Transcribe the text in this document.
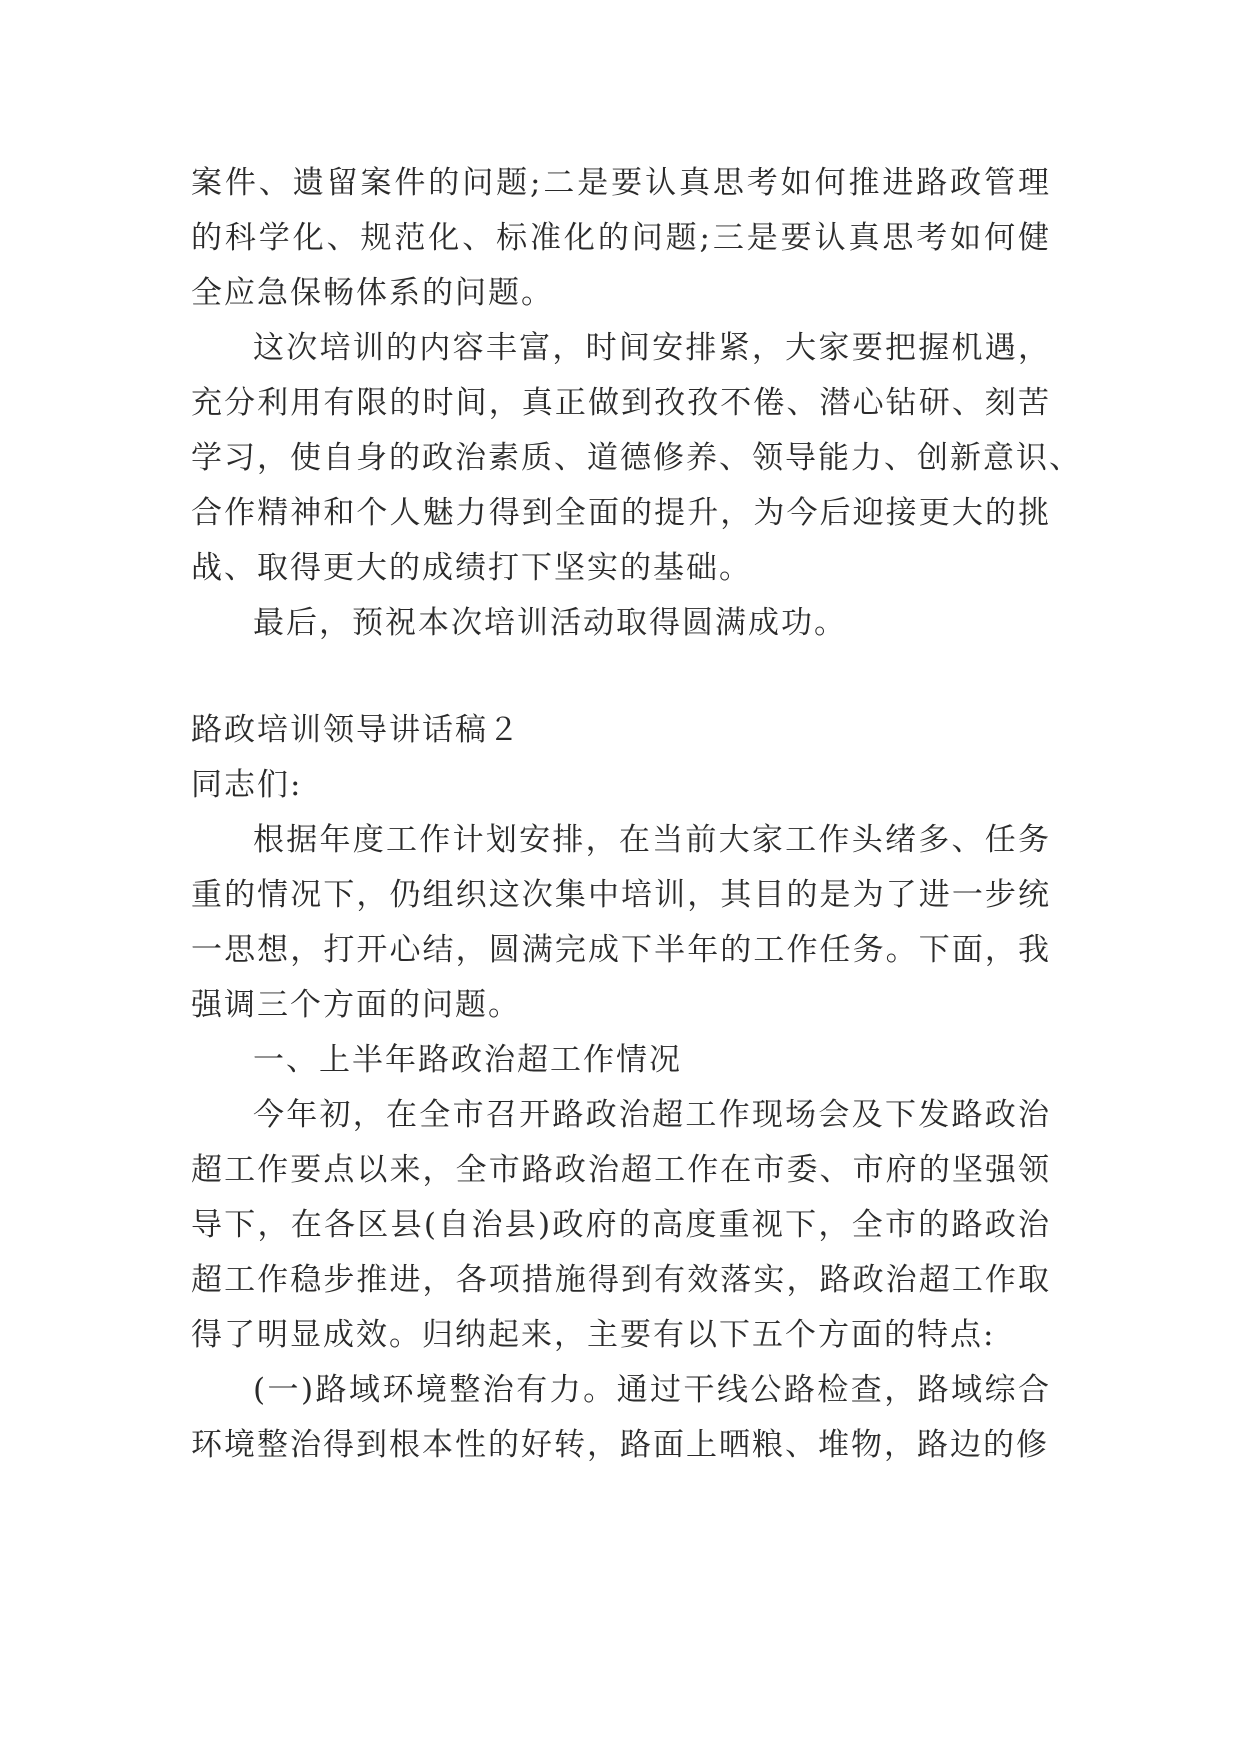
案件、遗留案件的问题;二是要认真思考如何推进路政管理
的科学化、规范化、标准化的问题;三是要认真思考如何健
全应急保畅体系的问题。

这次培训的内容丰富，时间安排紧，大家要把握机遇，
充分利用有限的时间，真正做到孜孜不倦、潜心钻研、刻苦
学习，使自身的政治素质、道德修养、领导能力、创新意识、
合作精神和个人魅力得到全面的提升，为今后迎接更大的挑
战、取得更大的成绩打下坚实的基础。

最后，预祝本次培训活动取得圆满成功。

路政培训领导讲话稿２

同志们:

根据年度工作计划安排，在当前大家工作头绪多、任务
重的情况下，仍组织这次集中培训，其目的是为了进一步统
一思想，打开心结，圆满完成下半年的工作任务。下面，我
强调三个方面的问题。

一、上半年路政治超工作情况

今年初，在全市召开路政治超工作现场会及下发路政治
超工作要点以来，全市路政治超工作在市委、市府的坚强领
导下，在各区县(自治县)政府的高度重视下，全市的路政治
超工作稳步推进，各项措施得到有效落实，路政治超工作取
得了明显成效。归纳起来，主要有以下五个方面的特点:

(一)路域环境整治有力。通过干线公路检查，路域综合
环境整治得到根本性的好转，路面上晒粮、堆物，路边的修
